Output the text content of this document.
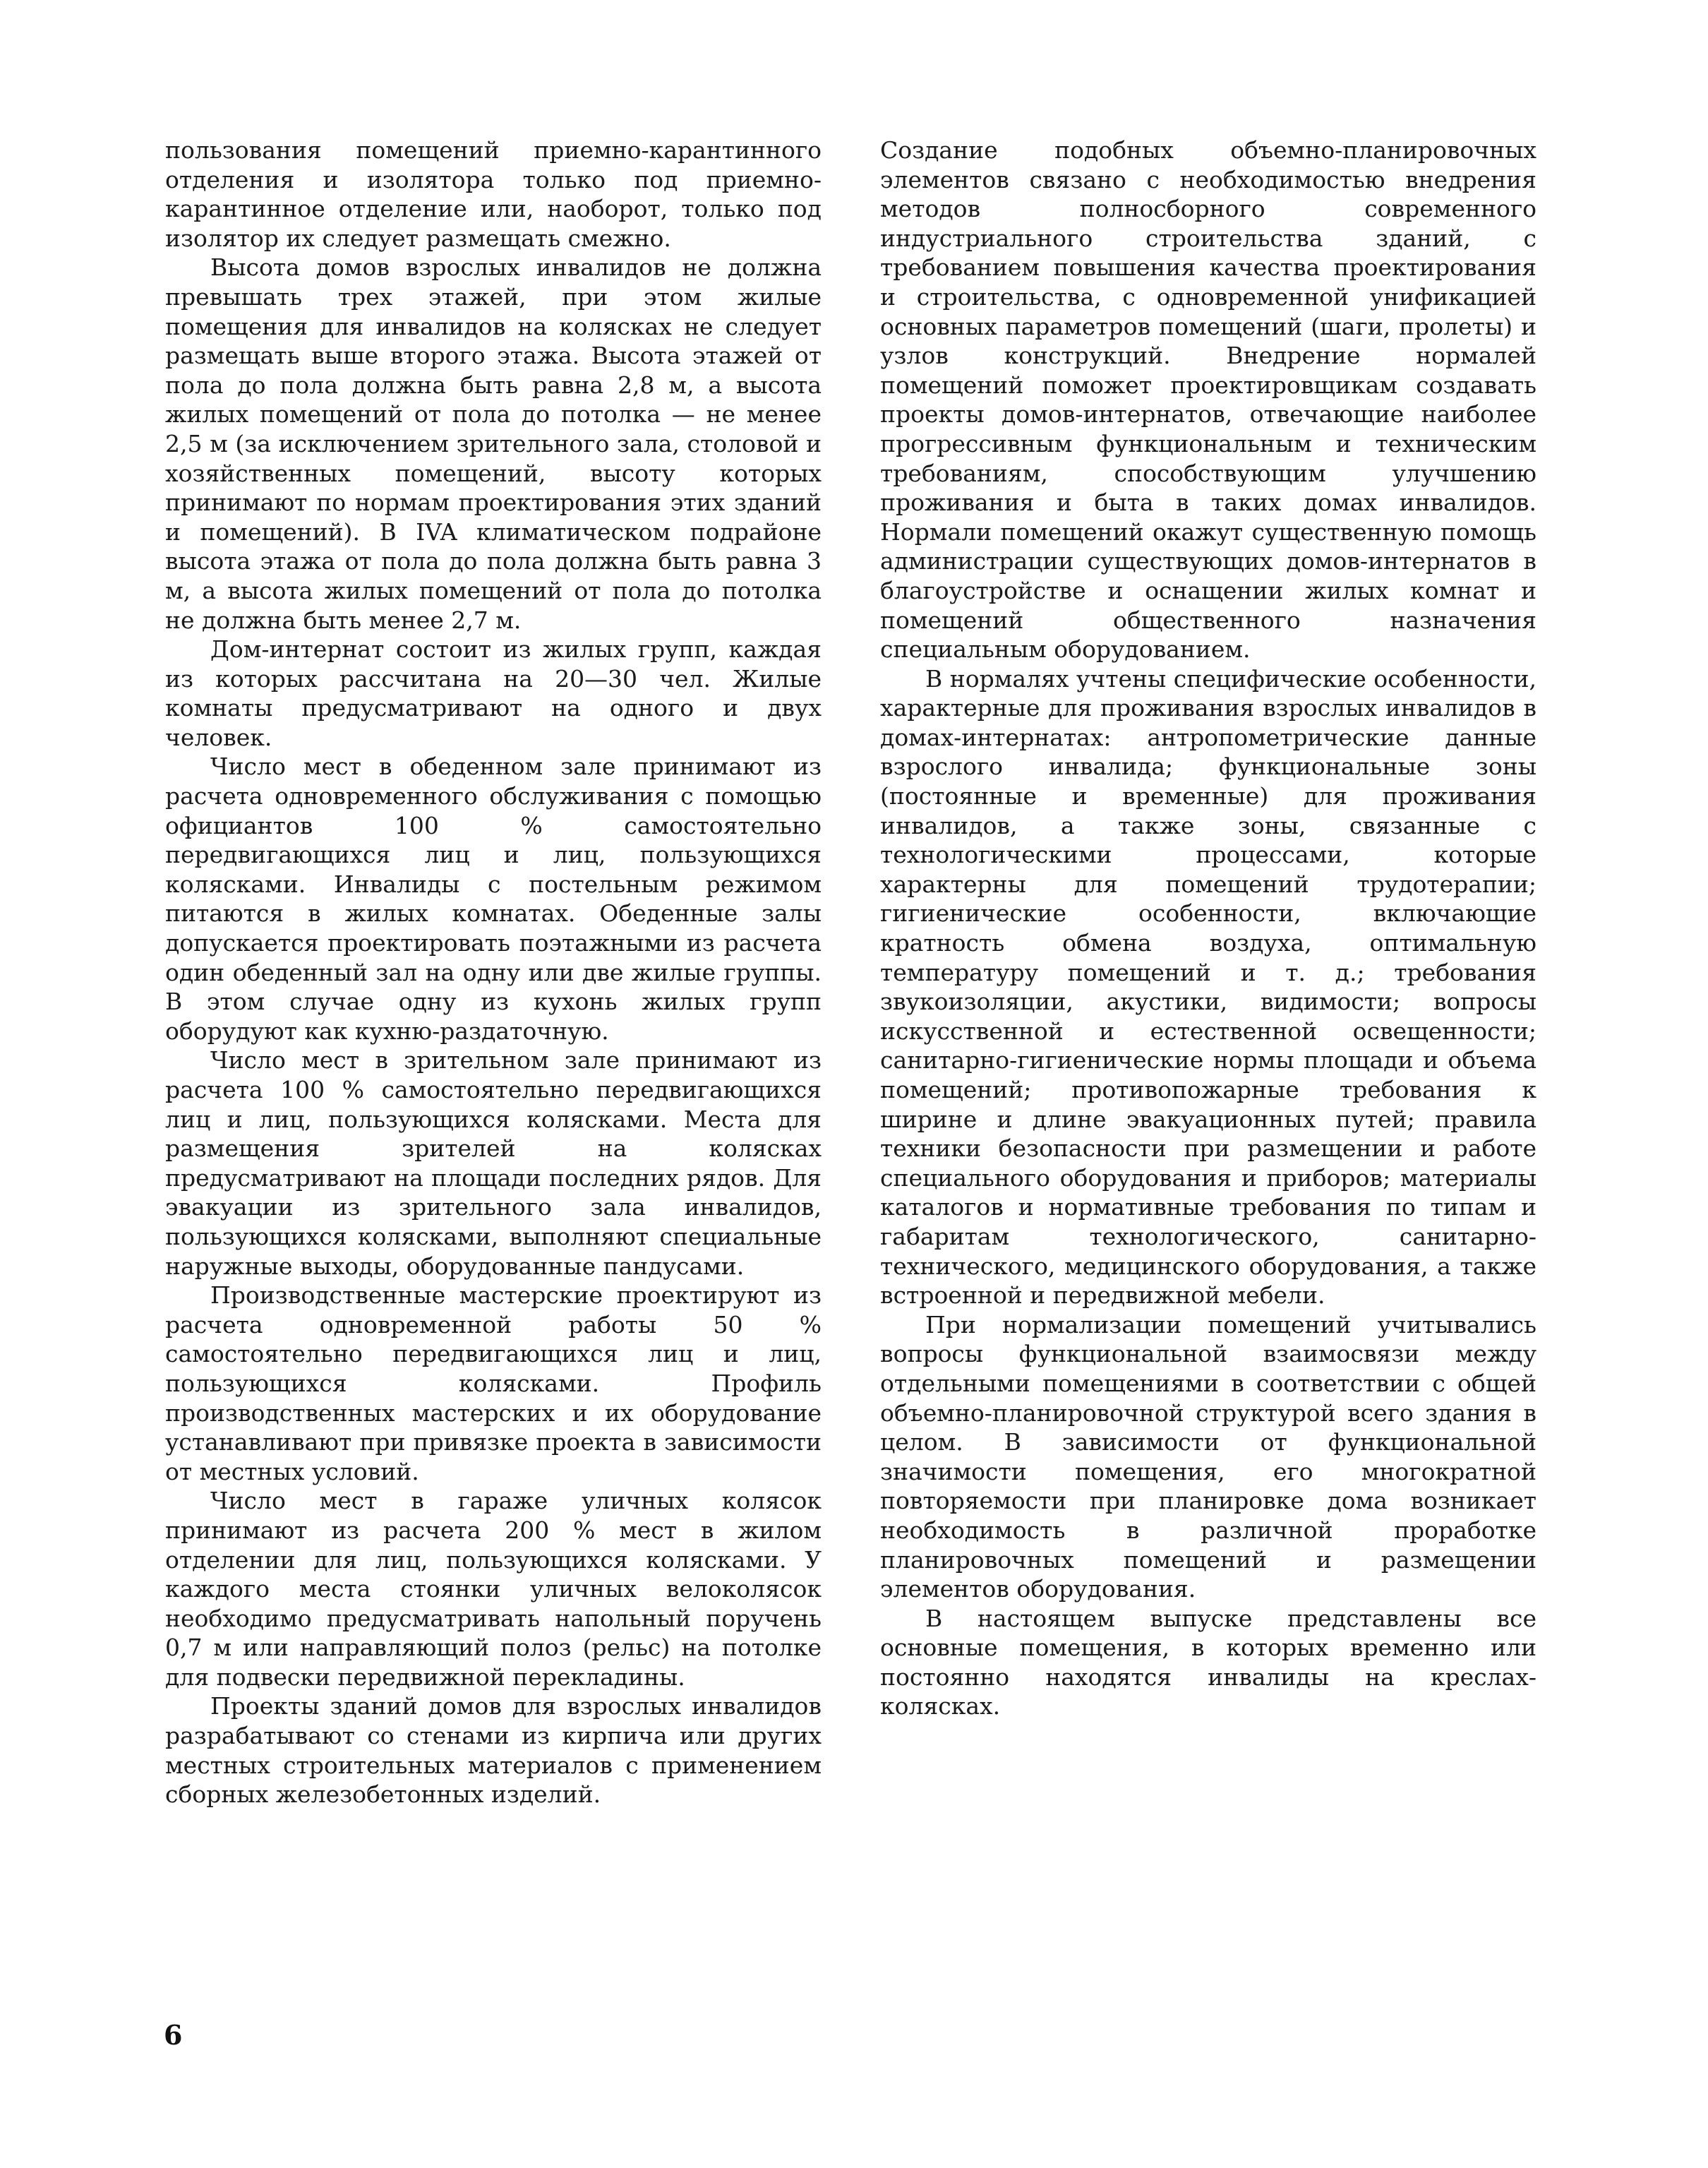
пользования помещений приемно-карантинного отделения и изолятора только под приемно-карантинное отделение или, наоборот, только под изолятор их следует размещать смежно.

Высота домов взрослых инвалидов не должна превышать трех этажей, при этом жилые помещения для инвалидов на колясках не следует размещать выше второго этажа. Высота этажей от пола до пола должна быть равна 2,8 м, а высота жилых помещений от пола до потолка — не менее 2,5 м (за исключением зрительного зала, столовой и хозяйственных помещений, высоту которых принимают по нормам проектирования этих зданий и помещений). В IVA климатическом подрайоне высота этажа от пола до пола должна быть равна 3 м, а высота жилых помещений от пола до потолка не должна быть менее 2,7 м.

Дом-интернат состоит из жилых групп, каждая из которых рассчитана на 20—30 чел. Жилые комнаты предусматривают на одного и двух человек.

Число мест в обеденном зале принимают из расчета одновременного обслуживания с помощью официантов 100 % самостоятельно передвигающихся лиц и лиц, пользующихся колясками. Инвалиды с постельным режимом питаются в жилых комнатах. Обеденные залы допускается проектировать поэтажными из расчета один обеденный зал на одну или две жилые группы. В этом случае одну из кухонь жилых групп оборудуют как кухню-раздаточную.

Число мест в зрительном зале принимают из расчета 100 % самостоятельно передвигающихся лиц и лиц, пользующихся колясками. Места для размещения зрителей на колясках предусматривают на площади последних рядов. Для эвакуации из зрительного зала инвалидов, пользующихся колясками, выполняют специальные наружные выходы, оборудованные пандусами.

Производственные мастерские проектируют из расчета одновременной работы 50 % самостоятельно передвигающихся лиц и лиц, пользующихся колясками. Профиль производственных мастерских и их оборудование устанавливают при привязке проекта в зависимости от местных условий.

Число мест в гараже уличных колясок принимают из расчета 200 % мест в жилом отделении для лиц, пользующихся колясками. У каждого места стоянки уличных велоколясок необходимо предусматривать напольный поручень 0,7 м или направляющий полоз (рельс) на потолке для подвески передвижной перекладины.

Проекты зданий домов для взрослых инвалидов разрабатывают со стенами из кирпича или других местных строительных материалов с применением сборных железобетонных изделий.

Создание подобных объемно-планировочных элементов связано с необходимостью внедрения методов полносборного современного индустриального строительства зданий, с требованием повышения качества проектирования и строительства, с одновременной унификацией основных параметров помещений (шаги, пролеты) и узлов конструкций. Внедрение нормалей помещений поможет проектировщикам создавать проекты домов-интернатов, отвечающие наиболее прогрессивным функциональным и техническим требованиям, способствующим улучшению проживания и быта в таких домах инвалидов. Нормали помещений окажут существенную помощь администрации существующих домов-интернатов в благоустройстве и оснащении жилых комнат и помещений общественного назначения специальным оборудованием.

В нормалях учтены специфические особенности, характерные для проживания взрослых инвалидов в домах-интернатах: антропометрические данные взрослого инвалида; функциональные зоны (постоянные и временные) для проживания инвалидов, а также зоны, связанные с технологическими процессами, которые характерны для помещений трудотерапии; гигиенические особенности, включающие кратность обмена воздуха, оптимальную температуру помещений и т. д.; требования звукоизоляции, акустики, видимости; вопросы искусственной и естественной освещенности; санитарно-гигиенические нормы площади и объема помещений; противопожарные требования к ширине и длине эвакуационных путей; правила техники безопасности при размещении и работе специального оборудования и приборов; материалы каталогов и нормативные требования по типам и габаритам технологического, санитарно-технического, медицинского оборудования, а также встроенной и передвижной мебели.

При нормализации помещений учитывались вопросы функциональной взаимосвязи между отдельными помещениями в соответствии с общей объемно-планировочной структурой всего здания в целом. В зависимости от функциональной значимости помещения, его многократной повторяемости при планировке дома возникает необходимость в различной проработке планировочных помещений и размещении элементов оборудования.

В настоящем выпуске представлены все основные помещения, в которых временно или постоянно находятся инвалиды на креслах-колясках.

6
